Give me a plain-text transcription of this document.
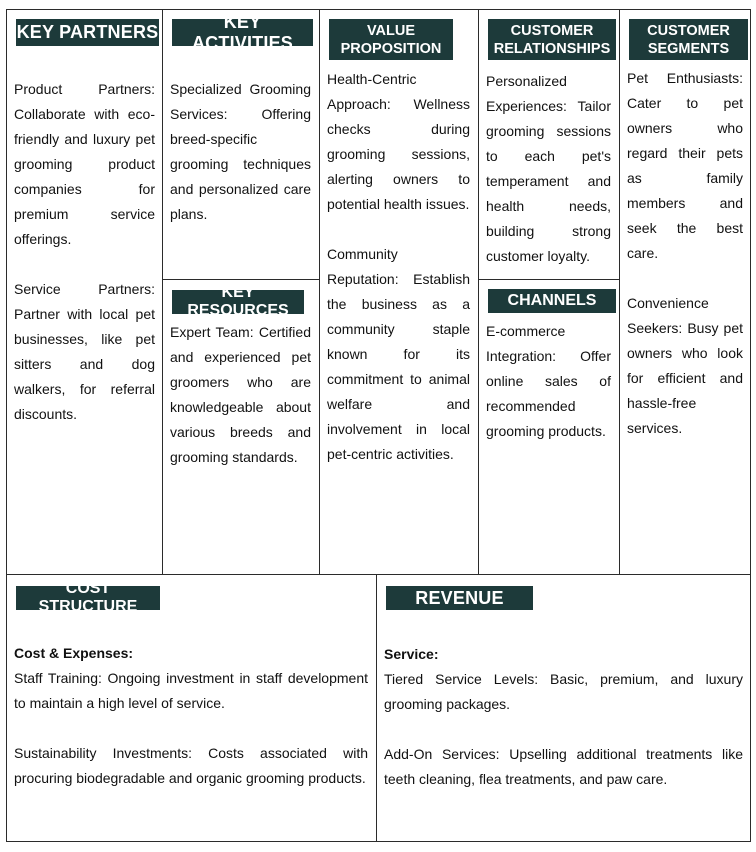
KEY PARTNERS

Product Partners: Collaborate with eco-friendly and luxury pet grooming product companies for premium service offerings.

Service Partners: Partner with local pet businesses, like pet sitters and dog walkers, for referral discounts.

KEY ACTIVITIES

Specialized Grooming Services: Offering breed-specific grooming techniques and personalized care plans.

KEY RESOURCES

Expert Team: Certified and experienced pet groomers who are knowledgeable about various breeds and grooming standards.

VALUE
PROPOSITION

Health-Centric Approach: Wellness checks during grooming sessions, alerting owners to potential health issues.

Community Reputation: Establish the business as a community staple known for its commitment to animal welfare and involvement in local pet-centric activities.

CUSTOMER
RELATIONSHIPS

Personalized Experiences: Tailor grooming sessions to each pet's temperament and health needs, building strong customer loyalty.

CHANNELS

E-commerce Integration: Offer online sales of recommended grooming products.

CUSTOMER
SEGMENTS

Pet Enthusiasts: Cater to pet owners who regard their pets as family members and seek the best care.

Convenience Seekers: Busy pet owners who look for efficient and hassle-free services.

COST STRUCTURE
Cost & Expenses:

Staff Training: Ongoing investment in staff development to maintain a high level of service.

Sustainability Investments: Costs associated with procuring biodegradable and organic grooming products.

REVENUE
Service:

Tiered Service Levels: Basic, premium, and luxury grooming packages.

Add-On Services: Upselling additional treatments like teeth cleaning, flea treatments, and paw care.
